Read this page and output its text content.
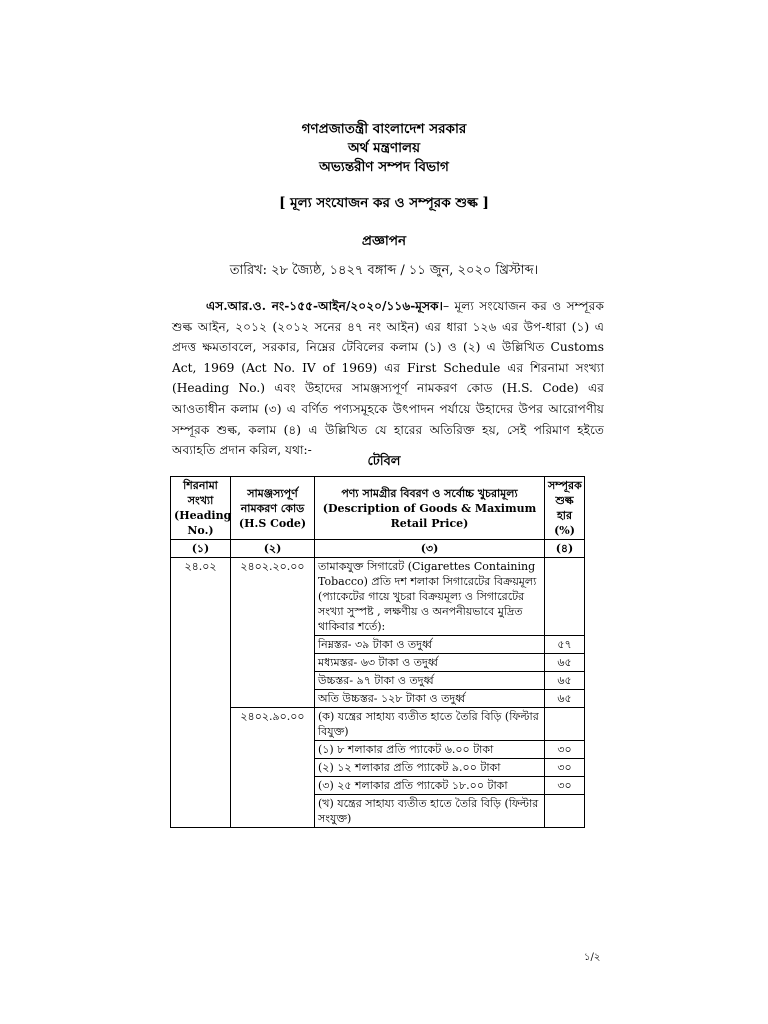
গণপ্রজাতন্ত্রী বাংলাদেশ সরকার
অর্থ মন্ত্রণালয়
অভ্যন্তরীণ সম্পদ বিভাগ
[ মূল্য সংযোজন কর ও সম্পূরক শুল্ক ]
প্রজ্ঞাপন
তারিখ: ২৮ জ্যৈষ্ঠ, ১৪২৭ বঙ্গাব্দ / ১১ জুন, ২০২০ খ্রিস্টাব্দ।
এস.আর.ও. নং-১৫৫-আইন/২০২০/১১৬-মূসক।– মূল্য সংযোজন কর ও সম্পূরক শুল্ক আইন, ২০১২ (২০১২ সনের ৪৭ নং আইন) এর ধারা ১২৬ এর উপ-ধারা (১) এ প্রদত্ত ক্ষমতাবলে, সরকার, নিম্নের টেবিলের কলাম (১) ও (২) এ উল্লিখিত Customs Act, 1969 (Act No. IV of 1969) এর First Schedule এর শিরনামা সংখ্যা (Heading No.) এবং উহাদের সামঞ্জস্যপূর্ণ নামকরণ কোড (H.S. Code) এর আওতাধীন কলাম (৩) এ বর্ণিত পণ্যসমূহকে উৎপাদন পর্যায়ে উহাদের উপর আরোপণীয় সম্পূরক শুল্ক, কলাম (৪) এ উল্লিখিত যে হারের অতিরিক্ত হয়, সেই পরিমাণ হইতে অব্যাহতি প্রদান করিল, যথা:-
টেবিল
শিরনামা সংখ্যা (Heading No.)	সামঞ্জস্যপূর্ণ নামকরণ কোড (H.S Code)	পণ্য সামগ্রীর বিবরণ ও সর্বোচ্চ খুচরামূল্য (Description of Goods & Maximum Retail Price)	সম্পূরক শুল্ক হার (%)
(১)	(২)	(৩)	(৪)
২৪.০২	২৪০২.২০.০০	তামাকযুক্ত সিগারেট (Cigarettes Containing Tobacco) প্রতি দশ শলাকা সিগারেটের বিক্রয়মূল্য (প্যাকেটের গায়ে খুচরা বিক্রয়মূল্য ও সিগারেটের সংখ্যা সুস্পষ্ট , লক্ষণীয় ও অনপনীয়ভাবে মুদ্রিত থাকিবার শর্তে):	
		নিম্নস্তর- ৩৯ টাকা ও তদুর্ধ্ব	৫৭
		মধ্যমস্তর- ৬৩ টাকা ও তদুর্ধ্ব	৬৫
		উচ্চস্তর- ৯৭ টাকা ও তদুর্ধ্ব	৬৫
		অতি উচ্চস্তর- ১২৮ টাকা ও তদুর্ধ্ব	৬৫
	২৪০২.৯০.০০	(ক) যন্ত্রের সাহায্য ব্যতীত হাতে তৈরি বিড়ি (ফিল্টার বিযুক্ত)	
		(১) ৮ শলাকার প্রতি প্যাকেট ৬.০০ টাকা	৩০
		(২) ১২ শলাকার প্রতি প্যাকেট ৯.০০ টাকা	৩০
		(৩) ২৫ শলাকার প্রতি প্যাকেট ১৮.০০ টাকা	৩০
		(খ) যন্ত্রের সাহায্য ব্যতীত হাতে তৈরি বিড়ি (ফিল্টার সংযুক্ত)	
১/২
